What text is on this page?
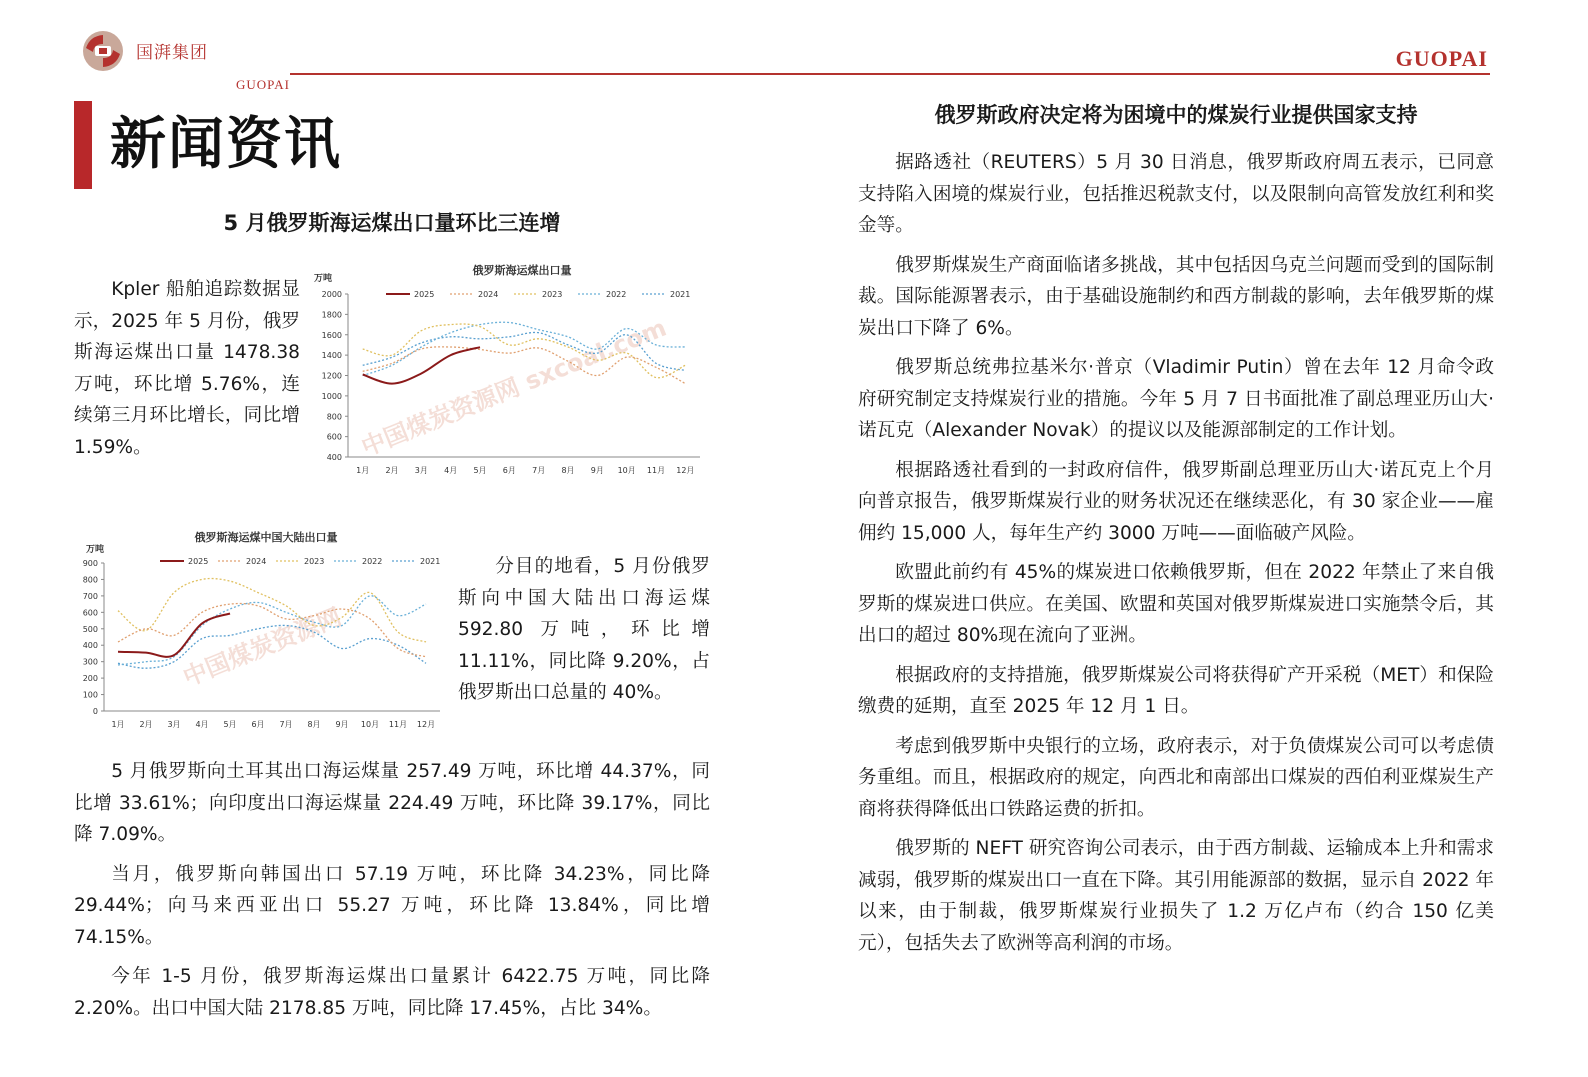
国湃集团
GUOPAI
GUOPAI
新闻资讯
5 月俄罗斯海运煤出口量环比三连增

Kpler 船舶追踪数据显示，2025 年 5 月份，俄罗斯海运煤出口量 1478.38 万吨，环比增 5.76%，连续第三月环比增长，同比增 1.59%。

俄罗斯海运煤出口量
万吨
2025	2024	2023	2022	2021
2000
1800
1600
1400
1200
1000
800
600
400
1月 2月 3月 4月 5月 6月 7月 8月 9月 10月 11月 12月
中国煤炭资源网 sxcoal.com
俄罗斯海运煤中国大陆出口量
万吨
2025	2024	2023	2022	2021
900
800
700
600
500
400
300
200
100
0
1月 2月 3月 4月 5月 6月 7月 8月 9月 10月 11月 12月
中国煤炭资源网

分目的地看，5 月份俄罗斯向中国大陆出口海运煤 592.80 万吨，环比增 11.11%，同比降 9.20%，占俄罗斯出口总量的 40%。

5 月俄罗斯向土耳其出口海运煤量 257.49 万吨，环比增 44.37%，同比增 33.61%；向印度出口海运煤量 224.49 万吨，环比降 39.17%，同比降 7.09%。

当月，俄罗斯向韩国出口 57.19 万吨，环比降 34.23%，同比降 29.44%；向马来西亚出口 55.27 万吨，环比降 13.84%，同比增 74.15%。

今年 1-5 月份，俄罗斯海运煤出口量累计 6422.75 万吨，同比降 2.20%。出口中国大陆 2178.85 万吨，同比降 17.45%，占比 34%。

俄罗斯政府决定将为困境中的煤炭行业提供国家支持

据路透社（REUTERS）5 月 30 日消息，俄罗斯政府周五表示，已同意支持陷入困境的煤炭行业，包括推迟税款支付，以及限制向高管发放红利和奖金等。

俄罗斯煤炭生产商面临诸多挑战，其中包括因乌克兰问题而受到的国际制裁。国际能源署表示，由于基础设施制约和西方制裁的影响，去年俄罗斯的煤炭出口下降了 6%。

俄罗斯总统弗拉基米尔·普京（Vladimir Putin）曾在去年 12 月命令政府研究制定支持煤炭行业的措施。今年 5 月 7 日书面批准了副总理亚历山大·诺瓦克（Alexander Novak）的提议以及能源部制定的工作计划。

根据路透社看到的一封政府信件，俄罗斯副总理亚历山大·诺瓦克上个月向普京报告，俄罗斯煤炭行业的财务状况还在继续恶化，有 30 家企业——雇佣约 15,000 人，每年生产约 3000 万吨——面临破产风险。

欧盟此前约有 45%的煤炭进口依赖俄罗斯，但在 2022 年禁止了来自俄罗斯的煤炭进口供应。在美国、欧盟和英国对俄罗斯煤炭进口实施禁令后，其出口的超过 80%现在流向了亚洲。

根据政府的支持措施，俄罗斯煤炭公司将获得矿产开采税（MET）和保险缴费的延期，直至 2025 年 12 月 1 日。

考虑到俄罗斯中央银行的立场，政府表示，对于负债煤炭公司可以考虑债务重组。而且，根据政府的规定，向西北和南部出口煤炭的西伯利亚煤炭生产商将获得降低出口铁路运费的折扣。

俄罗斯的 NEFT 研究咨询公司表示，由于西方制裁、运输成本上升和需求减弱，俄罗斯的煤炭出口一直在下降。其引用能源部的数据，显示自 2022 年以来，由于制裁，俄罗斯煤炭行业损失了 1.2 万亿卢布（约合 150 亿美元），包括失去了欧洲等高利润的市场。
